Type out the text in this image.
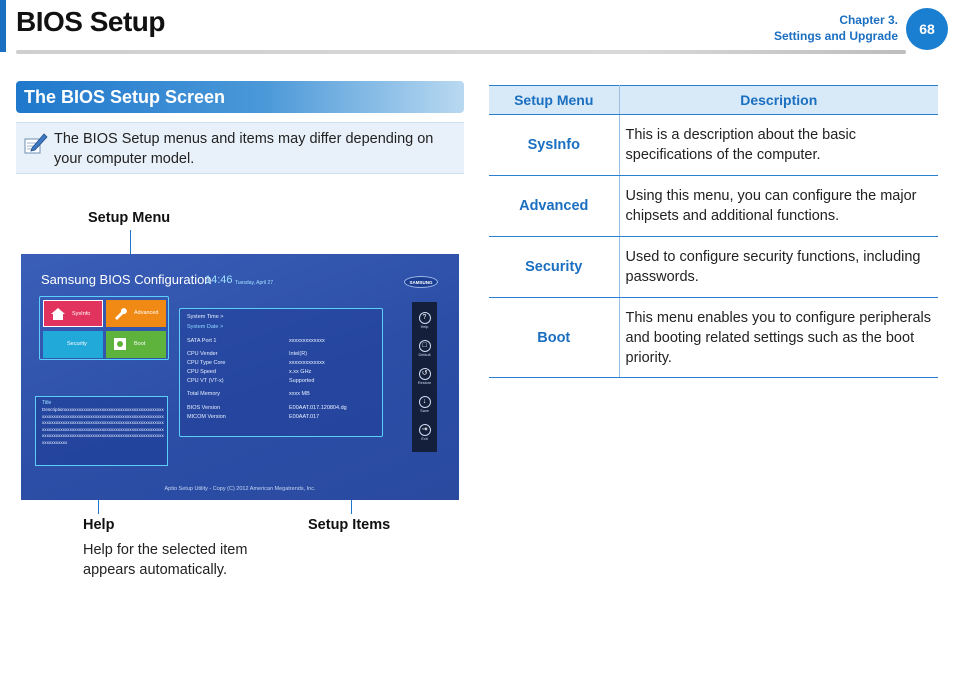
BIOS Setup	Chapter 3.
Settings and Upgrade	68
The BIOS Setup Screen
The BIOS Setup menus and items may differ depending on your computer model.
Setup Menu
Help
Help for the selected item
appears automatically.
Setup Items
Samsung BIOS Configuration
14:46 Tuesday, April 27	SAMSUNG
SysInfo	Advanced
Security	Boot
Title
Descriptionxxxxxxxxxxxxxxxxxxxxxxxxxxxxxxxxxxxxxxxxxxxxxxxxxxxxxxxxxxxxxxxxxxxxxxxxxxxxxxxxxxxxxxxxxxxxxxxxxxxxxxxxxxxxxxxxxxxxxxxxxxxxxxxxxxxxxxxxxxxxxxxxxxxxxxxxxxxxxxxxxxxxxxxxxxxxxxxxxxxxxxxxxxxxxxxxxxxxxxxxxxxxxxxxxxxxxxxxxxxxxxxxxxxxxxxxxxxxxxxxxxxxxxxxxxxxxxxxxxxxxxxxxx
System Time >
System Date >
SATA Port 1	xxxxxxxxxxxxx
CPU Vender	Intel(R)
CPU Type Core	xxxxxxxxxxxxx
CPU Speed	x.xx GHz
CPU VT (VT-x)	Supported
Total Memory	xxxx MB
BIOS Version	E00AAT.017.120804.dg
MICOM Version	E00AAT.017
?
Help
□
Default
↺
Restore
↓
Save
⇥
Exit
Aptio Setup Utility - Copy (C) 2012 American Megatrends, Inc.
Setup Menu	Description
SysInfo	This is a description about the basic specifications of the computer.
Advanced	Using this menu, you can configure the major chipsets and additional functions.
Security	Used to configure security functions, including passwords.
Boot	This menu enables you to configure peripherals and booting related settings such as the boot priority.
